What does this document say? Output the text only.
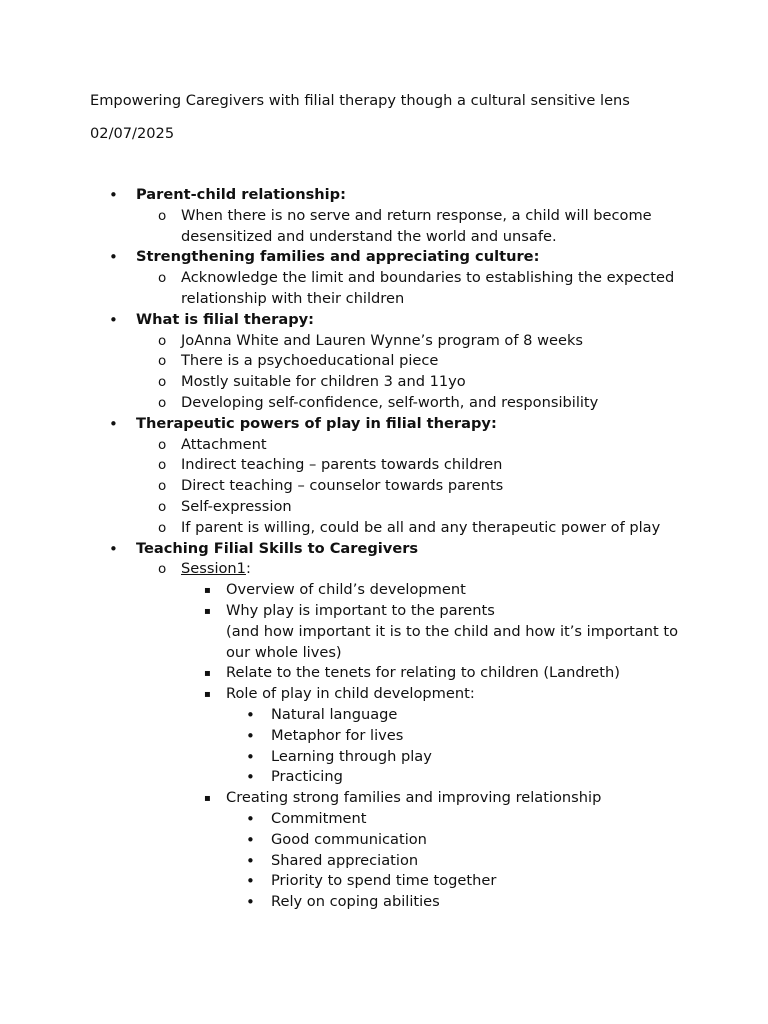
Empowering Caregivers with filial therapy though a cultural sensitive lens
02/07/2025
• Parent-child relationship:
o When there is no serve and return response, a child will become desensitized and understand the world and unsafe.
• Strengthening families and appreciating culture:
o Acknowledge the limit and boundaries to establishing the expected relationship with their children
• What is filial therapy:
o JoAnna White and Lauren Wynne’s program of 8 weeks
o There is a psychoeducational piece
o Mostly suitable for children 3 and 11yo
o Developing self-confidence, self-worth, and responsibility
• Therapeutic powers of play in filial therapy:
o Attachment
o Indirect teaching – parents towards children
o Direct teaching – counselor towards parents
o Self-expression
o If parent is willing, could be all and any therapeutic power of play
• Teaching Filial Skills to Caregivers
o Session1:
▪ Overview of child’s development
▪ Why play is important to the parents
(and how important it is to the child and how it’s important to our whole lives)
▪ Relate to the tenets for relating to children (Landreth)
▪ Role of play in child development:
• Natural language
• Metaphor for lives
• Learning through play
• Practicing
▪ Creating strong families and improving relationship
• Commitment
• Good communication
• Shared appreciation
• Priority to spend time together
• Rely on coping abilities
